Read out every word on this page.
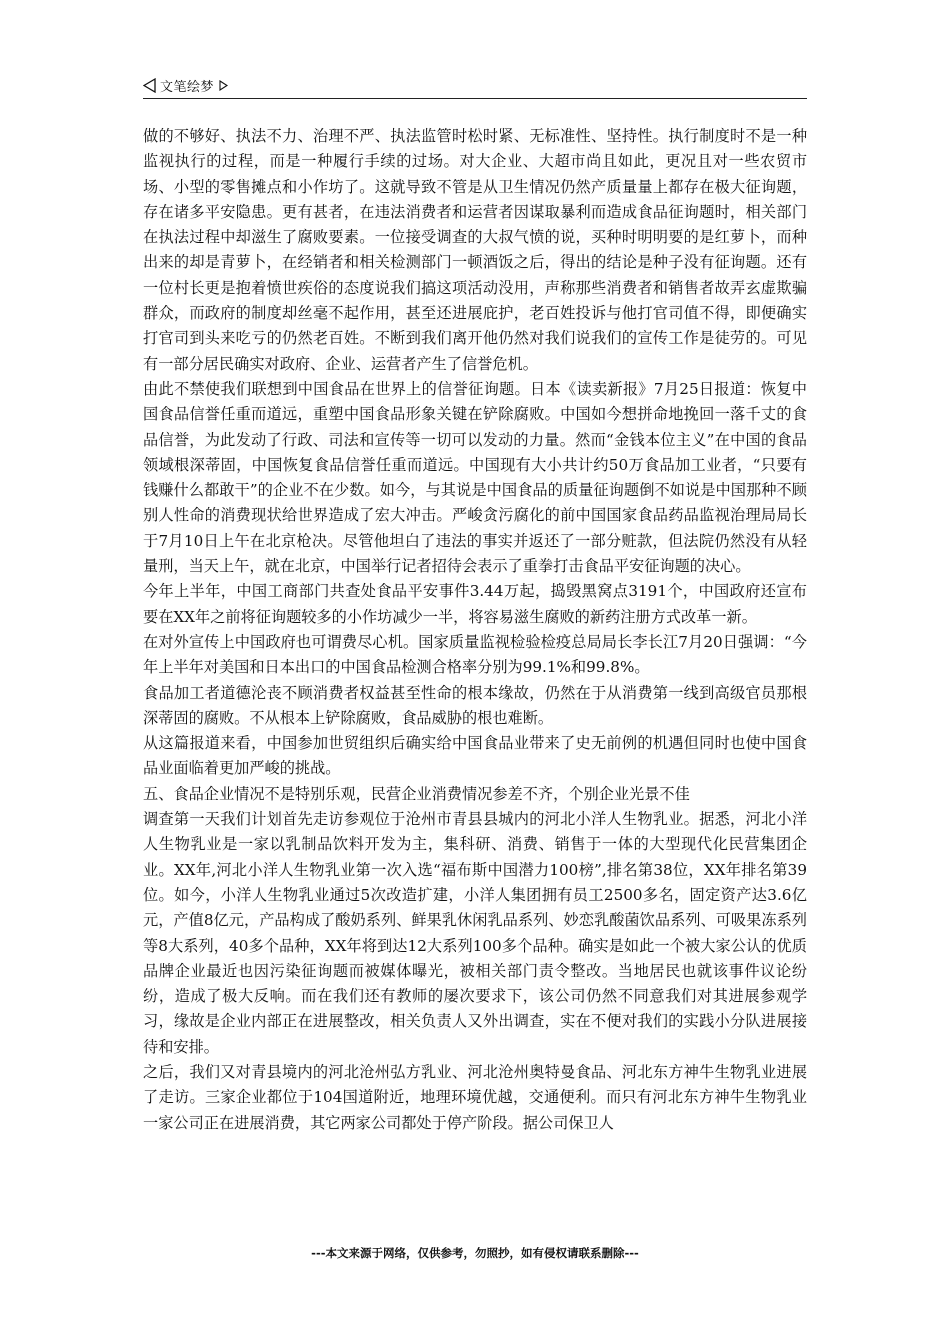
文笔绘梦

做的不够好、执法不力、治理不严、执法监管时松时紧、无标准性、坚持性。执行制度时不是一种监视执行的过程，而是一种履行手续的过场。对大企业、大超市尚且如此，更况且对一些农贸市场、小型的零售摊点和小作坊了。这就导致不管是从卫生情况仍然产质量量上都存在极大征询题，存在诸多平安隐患。更有甚者，在违法消费者和运营者因谋取暴利而造成食品征询题时，相关部门在执法过程中却滋生了腐败要素。一位接受调查的大叔气愤的说，买种时明明要的是红萝卜，而种出来的却是青萝卜，在经销者和相关检测部门一顿酒饭之后，得出的结论是种子没有征询题。还有一位村长更是抱着愤世疾俗的态度说我们搞这项活动没用，声称那些消费者和销售者故弄玄虚欺骗群众，而政府的制度却丝毫不起作用，甚至还进展庇护，老百姓投诉与他打官司值不得，即便确实打官司到头来吃亏的仍然老百姓。不断到我们离开他仍然对我们说我们的宣传工作是徒劳的。可见有一部分居民确实对政府、企业、运营者产生了信誉危机。

由此不禁使我们联想到中国食品在世界上的信誉征询题。日本《读卖新报》7月25日报道：恢复中国食品信誉任重而道远，重塑中国食品形象关键在铲除腐败。中国如今想拼命地挽回一落千丈的食品信誉，为此发动了行政、司法和宣传等一切可以发动的力量。然而“金钱本位主义”在中国的食品领域根深蒂固，中国恢复食品信誉任重而道远。中国现有大小共计约50万食品加工业者，“只要有钱赚什么都敢干”的企业不在少数。如今，与其说是中国食品的质量征询题倒不如说是中国那种不顾别人性命的消费现状给世界造成了宏大冲击。严峻贪污腐化的前中国国家食品药品监视治理局局长于7月10日上午在北京枪决。尽管他坦白了违法的事实并返还了一部分赃款，但法院仍然没有从轻量刑，当天上午，就在北京，中国举行记者招待会表示了重拳打击食品平安征询题的决心。

今年上半年，中国工商部门共查处食品平安事件3.44万起，捣毁黑窝点3191个，中国政府还宣布要在XX年之前将征询题较多的小作坊减少一半，将容易滋生腐败的新药注册方式改革一新。

在对外宣传上中国政府也可谓费尽心机。国家质量监视检验检疫总局局长李长江7月20日强调：“今年上半年对美国和日本出口的中国食品检测合格率分别为99.1%和99.8%。

食品加工者道德沦丧不顾消费者权益甚至性命的根本缘故，仍然在于从消费第一线到高级官员那根深蒂固的腐败。不从根本上铲除腐败，食品威胁的根也难断。

从这篇报道来看，中国参加世贸组织后确实给中国食品业带来了史无前例的机遇但同时也使中国食品业面临着更加严峻的挑战。

五、食品企业情况不是特别乐观，民营企业消费情况参差不齐，个别企业光景不佳

调查第一天我们计划首先走访参观位于沧州市青县县城内的河北小洋人生物乳业。据悉，河北小洋人生物乳业是一家以乳制品饮料开发为主，集科研、消费、销售于一体的大型现代化民营集团企业。XX年,河北小洋人生物乳业第一次入选“福布斯中国潜力100榜”,排名第38位，XX年排名第39位。如今，小洋人生物乳业通过5次改造扩建，小洋人集团拥有员工2500多名，固定资产达3.6亿元，产值8亿元，产品构成了酸奶系列、鲜果乳休闲乳品系列、妙恋乳酸菌饮品系列、可吸果冻系列等8大系列，40多个品种，XX年将到达12大系列100多个品种。确实是如此一个被大家公认的优质品牌企业最近也因污染征询题而被媒体曝光，被相关部门责令整改。当地居民也就该事件议论纷纷，造成了极大反响。而在我们还有教师的屡次要求下，该公司仍然不同意我们对其进展参观学习，缘故是企业内部正在进展整改，相关负责人又外出调查，实在不便对我们的实践小分队进展接待和安排。

之后，我们又对青县境内的河北沧州弘方乳业、河北沧州奥特曼食品、河北东方神牛生物乳业进展了走访。三家企业都位于104国道附近，地理环境优越，交通便利。而只有河北东方神牛生物乳业一家公司正在进展消费，其它两家公司都处于停产阶段。据公司保卫人

---本文来源于网络，仅供参考，勿照抄，如有侵权请联系删除---
